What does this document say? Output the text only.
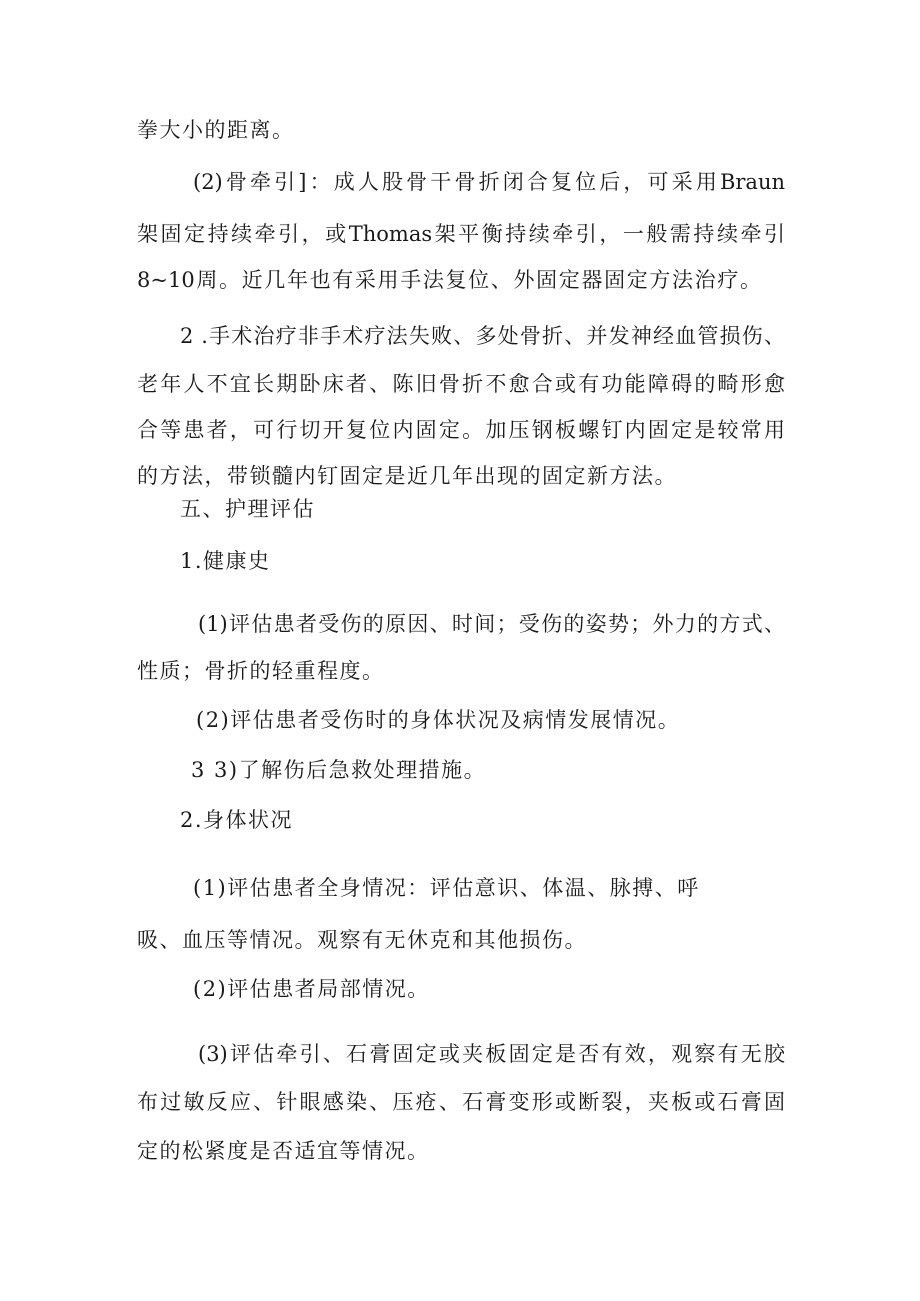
拳大小的距离。
(2)骨牵引]：成人股骨干骨折闭合复位后，可采用Braun
架固定持续牵引，或Thomas架平衡持续牵引，一般需持续牵引
8~10周。近几年也有采用手法复位、外固定器固定方法治疗。
2 .手术治疗非手术疗法失败、多处骨折、并发神经血管损伤、
老年人不宜长期卧床者、陈旧骨折不愈合或有功能障碍的畸形愈
合等患者，可行切开复位内固定。加压钢板螺钉内固定是较常用
的方法，带锁髓内钉固定是近几年出现的固定新方法。
五、护理评估
1.健康史
(1)评估患者受伤的原因、时间；受伤的姿势；外力的方式、
性质；骨折的轻重程度。
(2)评估患者受伤时的身体状况及病情发展情况。
3 3)了解伤后急救处理措施。
2.身体状况
(1)评估患者全身情况：评估意识、体温、脉搏、呼
吸、血压等情况。观察有无休克和其他损伤。
(2)评估患者局部情况。
(3)评估牵引、石膏固定或夹板固定是否有效，观察有无胶
布过敏反应、针眼感染、压疮、石膏变形或断裂，夹板或石膏固
定的松紧度是否适宜等情况。
